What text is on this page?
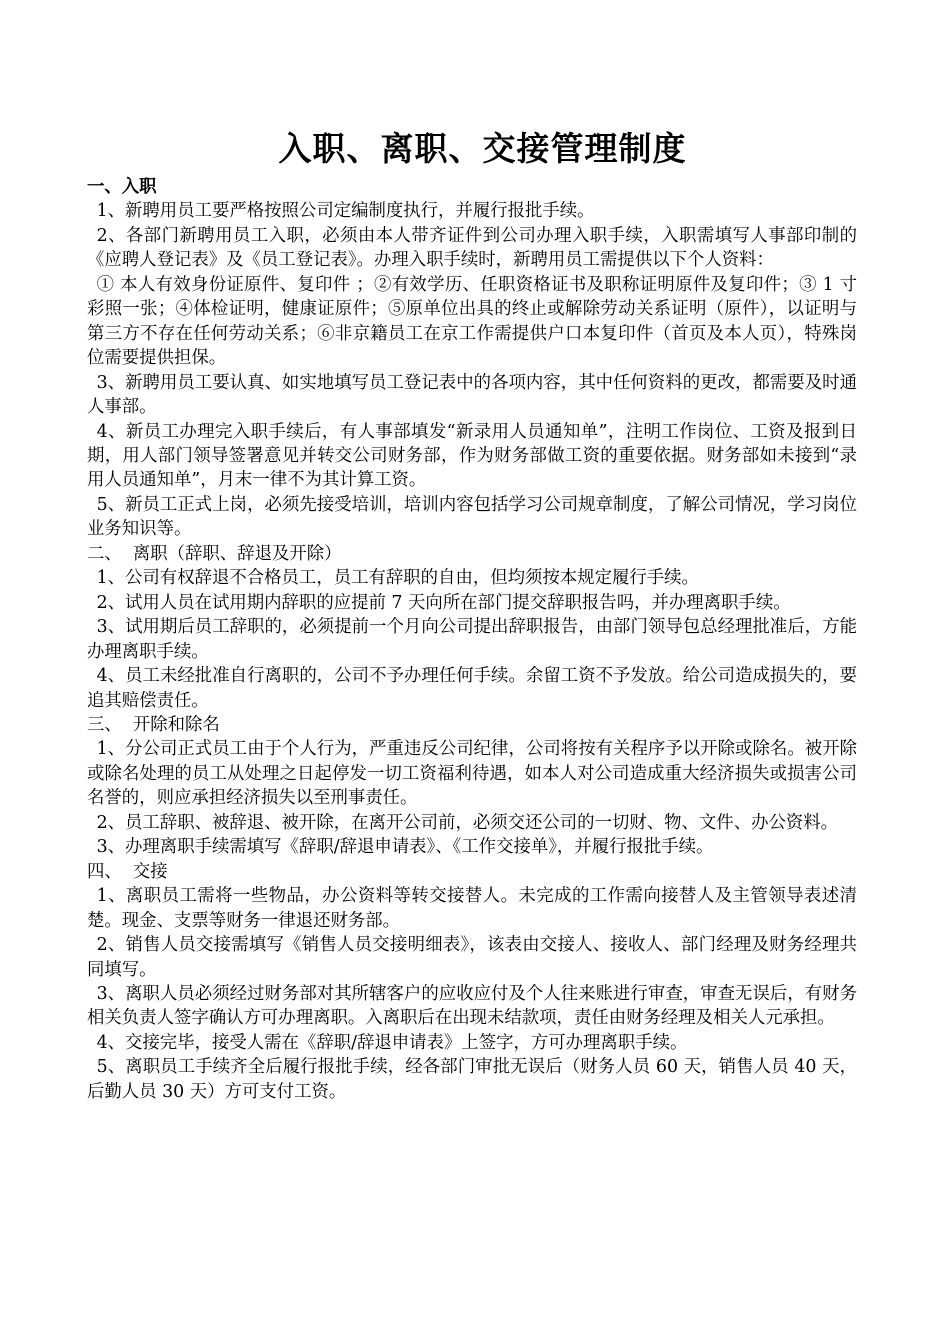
入职、离职、交接管理制度

一、入职

1、新聘用员工要严格按照公司定编制度执行，并履行报批手续。

2、各部门新聘用员工入职，必须由本人带齐证件到公司办理入职手续，入职需填写人事部印制的《应聘人登记表》及《员工登记表》。办理入职手续时，新聘用员工需提供以下个人资料：

① 本人有效身份证原件、复印件 ；②有效学历、任职资格证书及职称证明原件及复印件；③ 1 寸彩照一张；④体检证明，健康证原件；⑤原单位出具的终止或解除劳动关系证明（原件），以证明与第三方不存在任何劳动关系；⑥非京籍员工在京工作需提供户口本复印件（首页及本人页），特殊岗位需要提供担保。

3、新聘用员工要认真、如实地填写员工登记表中的各项内容，其中任何资料的更改，都需要及时通人事部。

4、新员工办理完入职手续后，有人事部填发“新录用人员通知单”，注明工作岗位、工资及报到日期，用人部门领导签署意见并转交公司财务部，作为财务部做工资的重要依据。财务部如未接到“录用人员通知单”，月末一律不为其计算工资。

5、新员工正式上岗，必须先接受培训，培训内容包括学习公司规章制度，了解公司情况，学习岗位业务知识等。

二、  离职（辞职、辞退及开除）

1、公司有权辞退不合格员工，员工有辞职的自由，但均须按本规定履行手续。

2、试用人员在试用期内辞职的应提前 7 天向所在部门提交辞职报告吗，并办理离职手续。

3、试用期后员工辞职的，必须提前一个月向公司提出辞职报告，由部门领导包总经理批准后，方能办理离职手续。

4、员工未经批准自行离职的，公司不予办理任何手续。余留工资不予发放。给公司造成损失的，要追其赔偿责任。

三、  开除和除名

1、分公司正式员工由于个人行为，严重违反公司纪律，公司将按有关程序予以开除或除名。被开除或除名处理的员工从处理之日起停发一切工资福利待遇，如本人对公司造成重大经济损失或损害公司名誉的，则应承担经济损失以至刑事责任。

2、员工辞职、被辞退、被开除，在离开公司前，必须交还公司的一切财、物、文件、办公资料。

3、办理离职手续需填写《辞职/辞退申请表》、《工作交接单》，并履行报批手续。

四、  交接

1、离职员工需将一些物品，办公资料等转交接替人。未完成的工作需向接替人及主管领导表述清楚。现金、支票等财务一律退还财务部。

2、销售人员交接需填写《销售人员交接明细表》，该表由交接人、接收人、部门经理及财务经理共同填写。

3、离职人员必须经过财务部对其所辖客户的应收应付及个人往来账进行审查，审查无误后，有财务相关负责人签字确认方可办理离职。入离职后在出现未结款项，责任由财务经理及相关人元承担。

4、交接完毕，接受人需在《辞职/辞退申请表》上签字，方可办理离职手续。

5、离职员工手续齐全后履行报批手续，经各部门审批无误后（财务人员 60 天，销售人员 40 天，后勤人员 30 天）方可支付工资。
